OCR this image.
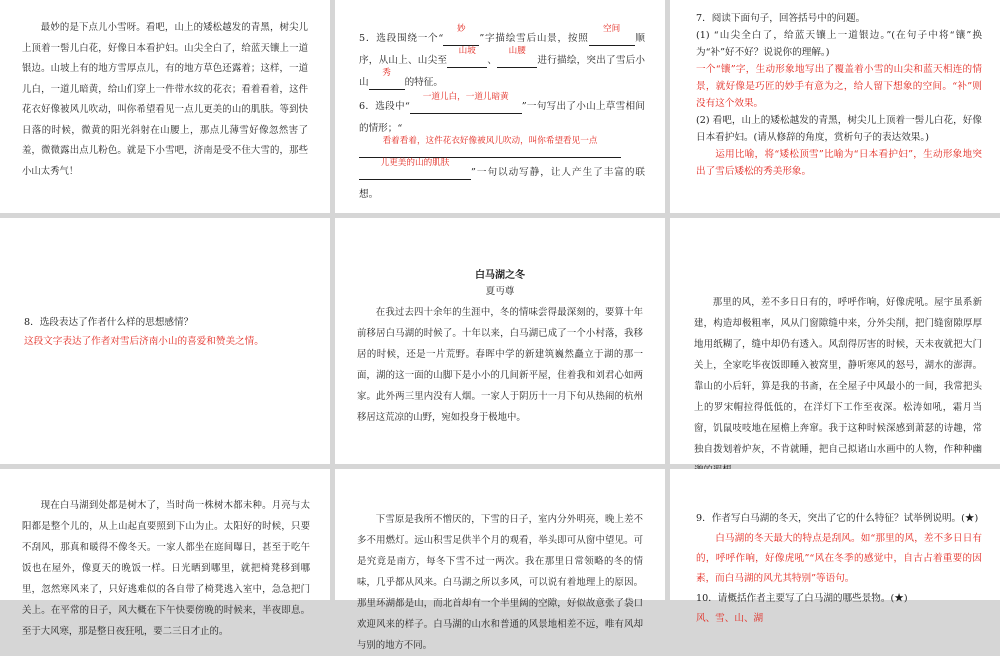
最妙的是下点儿小雪呀。看吧，山上的矮松越发的青黑，树尖儿上顶着一髻儿白花，好像日本看护妇。山尖全白了，给蓝天镶上一道银边。山坡上有的地方雪厚点儿，有的地方草色还露着；这样，一道儿白，一道儿暗黄，给山们穿上一件带水纹的花衣；看着看着，这件花衣好像被风儿吹动，叫你希望看见一点儿更美的山的肌肤。等到快日落的时候，微黄的阳光斜射在山腰上，那点儿薄雪好像忽然害了羞，微微露出点儿粉色。就是下小雪吧，济南是受不住大雪的，那些小山太秀气！

5．选段围绕一个“
妙
”字描绘雪后山景，按照
空间
顺序，从山上、山尖至
山坡
、
山腰
进行描绘，突出了雪后小山
秀
的特征。

6．选段中“
一道儿白，一道儿暗黄
”一句写出了小山上草雪相间的情形；“

看着看着，这件花衣好像被风儿吹动，叫你希望看见一点

儿更美的山的肌肤
”一句以动写静，让人产生了丰富的联想。

7．阅读下面句子，回答括号中的问题。

(1) “山尖全白了，给蓝天镶上一道银边。”(在句子中将“镶”换为“补”好不好？说说你的理解。)

一个“镶”字，生动形象地写出了覆盖着小雪的山尖和蓝天相连的情景，就好像是巧匠的妙手有意为之，给人留下想象的空间。“补”则没有这个效果。

(2) 看吧，山上的矮松越发的青黑，树尖儿上顶着一髻儿白花，好像日本看护妇。(请从修辞的角度，赏析句子的表达效果。)

运用比喻，将“矮松顶雪”比喻为“日本看护妇”，生动形象地突出了雪后矮松的秀美形象。

8．选段表达了作者什么样的思想感情？

这段文字表达了作者对雪后济南小山的喜爱和赞美之情。

白马湖之冬

夏丏尊

在我过去四十余年的生涯中，冬的情味尝得最深刻的，要算十年前移居白马湖的时候了。十年以来，白马湖已成了一个小村落，我移居的时候，还是一片荒野。春晖中学的新建筑巍然矗立于湖的那一面，湖的这一面的山脚下是小小的几间新平屋，住着我和刘君心如两家。此外两三里内没有人烟。一家人于阴历十一月下旬从热闹的杭州移居这荒凉的山野，宛如投身于极地中。

那里的风，差不多日日有的，呼呼作响，好像虎吼。屋宇虽系新建，构造却极粗率，风从门窗隙缝中来，分外尖削，把门缝窗隙厚厚地用纸糊了，缝中却仍有透入。风刮得厉害的时候，天未夜就把大门关上，全家吃毕夜饭即睡入被窝里，静听寒风的怒号，湖水的澎湃。靠山的小后轩，算是我的书斋，在全屋子中风最小的一间，我常把头上的罗宋帽拉得低低的，在洋灯下工作至夜深。松涛如吼，霜月当窗，饥鼠吱吱地在屋檐上奔窜。我于这种时候深感到萧瑟的诗趣，常独自拨划着炉灰，不肯就睡，把自己拟诸山水画中的人物，作种种幽

现在白马湖到处都是树木了，当时尚一株树木都未种。月亮与太阳都是整个儿的，从上山起直要照到下山为止。太阳好的时候，只要不刮风，那真和暖得不像冬天。一家人都坐在庭间曝日，甚至于吃午饭也在屋外，像夏天的晚饭一样。日光晒到哪里，就把椅凳移到哪里，忽然寒风来了，只好逃难似的各自带了椅凳逃入室中，急急把门关上。在平常的日子，风大概在下午快要傍晚的时候来，半夜即息。至于大风寒，那是整日夜狂吼，要二三日才止的。

下雪原是我所不憎厌的，下雪的日子，室内分外明亮，晚上差不多不用燃灯。远山积雪足供半个月的观看，举头即可从窗中望见。可是究竟是南方，每冬下雪不过一两次。我在那里日常领略的冬的情味，几乎都从风来。白马湖之所以多风，可以说有着地理上的原因。那里环湖都是山，而北首却有一个半里阔的空隙，好似故意张了袋口欢迎风来的样子。白马湖的山水和普通的风景地相差不远，唯有风却与别的地方不同。

9．作者写白马湖的冬天，突出了它的什么特征？试举例说明。(★)

白马湖的冬天最大的特点是刮风。如“那里的风，差不多日日有的，呼呼作响，好像虎吼”“风在冬季的感觉中，自古占着重要的因素，而白马湖的风尤其特别”等语句。

10．请概括作者主要写了白马湖的哪些景物。(★)

风、雪、山、湖
